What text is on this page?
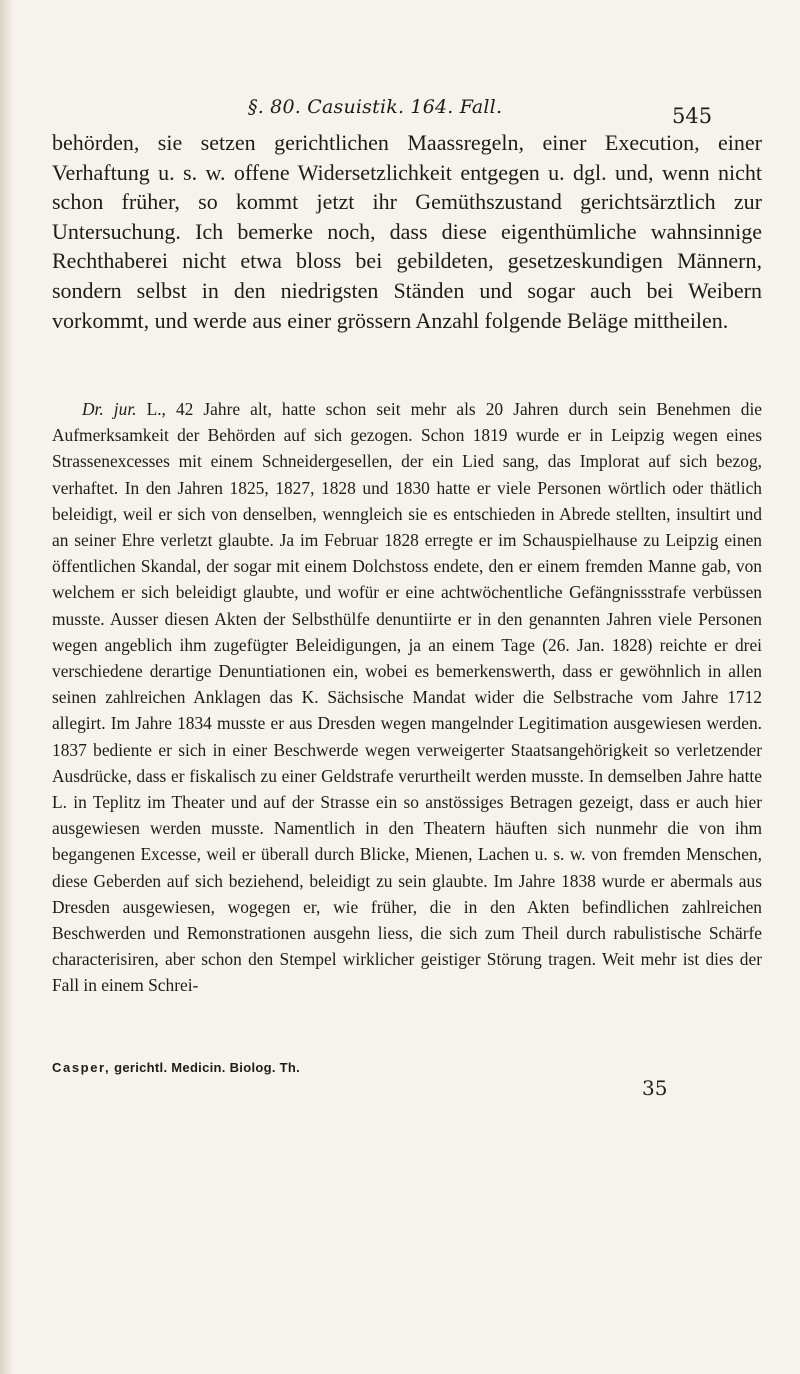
§. 80. Casuistik. 164. Fall.	545

behörden, sie setzen gerichtlichen Maassregeln, einer Execution, einer Verhaftung u. s. w. offene Widersetzlichkeit entgegen u. dgl. und, wenn nicht schon früher, so kommt jetzt ihr Gemüthszustand gerichtsärztlich zur Untersuchung. Ich bemerke noch, dass diese eigenthümliche wahnsinnige Rechthaberei nicht etwa bloss bei gebildeten, gesetzeskundigen Männern, sondern selbst in den niedrigsten Ständen und sogar auch bei Weibern vorkommt, und werde aus einer grössern Anzahl folgende Beläge mittheilen.

Dr. jur. L., 42 Jahre alt, hatte schon seit mehr als 20 Jahren durch sein Benehmen die Aufmerksamkeit der Behörden auf sich gezogen. Schon 1819 wurde er in Leipzig wegen eines Strassenexcesses mit einem Schneidergesellen, der ein Lied sang, das Implorat auf sich bezog, verhaftet. In den Jahren 1825, 1827, 1828 und 1830 hatte er viele Personen wörtlich oder thätlich beleidigt, weil er sich von denselben, wenngleich sie es entschieden in Abrede stellten, insultirt und an seiner Ehre verletzt glaubte. Ja im Februar 1828 erregte er im Schauspielhause zu Leipzig einen öffentlichen Skandal, der sogar mit einem Dolchstoss endete, den er einem fremden Manne gab, von welchem er sich beleidigt glaubte, und wofür er eine achtwöchentliche Gefängnissstrafe verbüssen musste. Ausser diesen Akten der Selbsthülfe denuntiirte er in den genannten Jahren viele Personen wegen angeblich ihm zugefügter Beleidigungen, ja an einem Tage (26. Jan. 1828) reichte er drei verschiedene derartige Denuntiationen ein, wobei es bemerkenswerth, dass er gewöhnlich in allen seinen zahlreichen Anklagen das K. Sächsische Mandat wider die Selbstrache vom Jahre 1712 allegirt. Im Jahre 1834 musste er aus Dresden wegen mangelnder Legitimation ausgewiesen werden. 1837 bediente er sich in einer Beschwerde wegen verweigerter Staatsangehörigkeit so verletzender Ausdrücke, dass er fiskalisch zu einer Geldstrafe verurtheilt werden musste. In demselben Jahre hatte L. in Teplitz im Theater und auf der Strasse ein so anstössiges Betragen gezeigt, dass er auch hier ausgewiesen werden musste. Namentlich in den Theatern häuften sich nunmehr die von ihm begangenen Excesse, weil er überall durch Blicke, Mienen, Lachen u. s. w. von fremden Menschen, diese Geberden auf sich beziehend, beleidigt zu sein glaubte. Im Jahre 1838 wurde er abermals aus Dresden ausgewiesen, wogegen er, wie früher, die in den Akten befindlichen zahlreichen Beschwerden und Remonstrationen ausgehn liess, die sich zum Theil durch rabulistische Schärfe characterisiren, aber schon den Stempel wirklicher geistiger Störung tragen. Weit mehr ist dies der Fall in einem Schrei-

Casper, gerichtl. Medicin. Biolog. Th.
35
